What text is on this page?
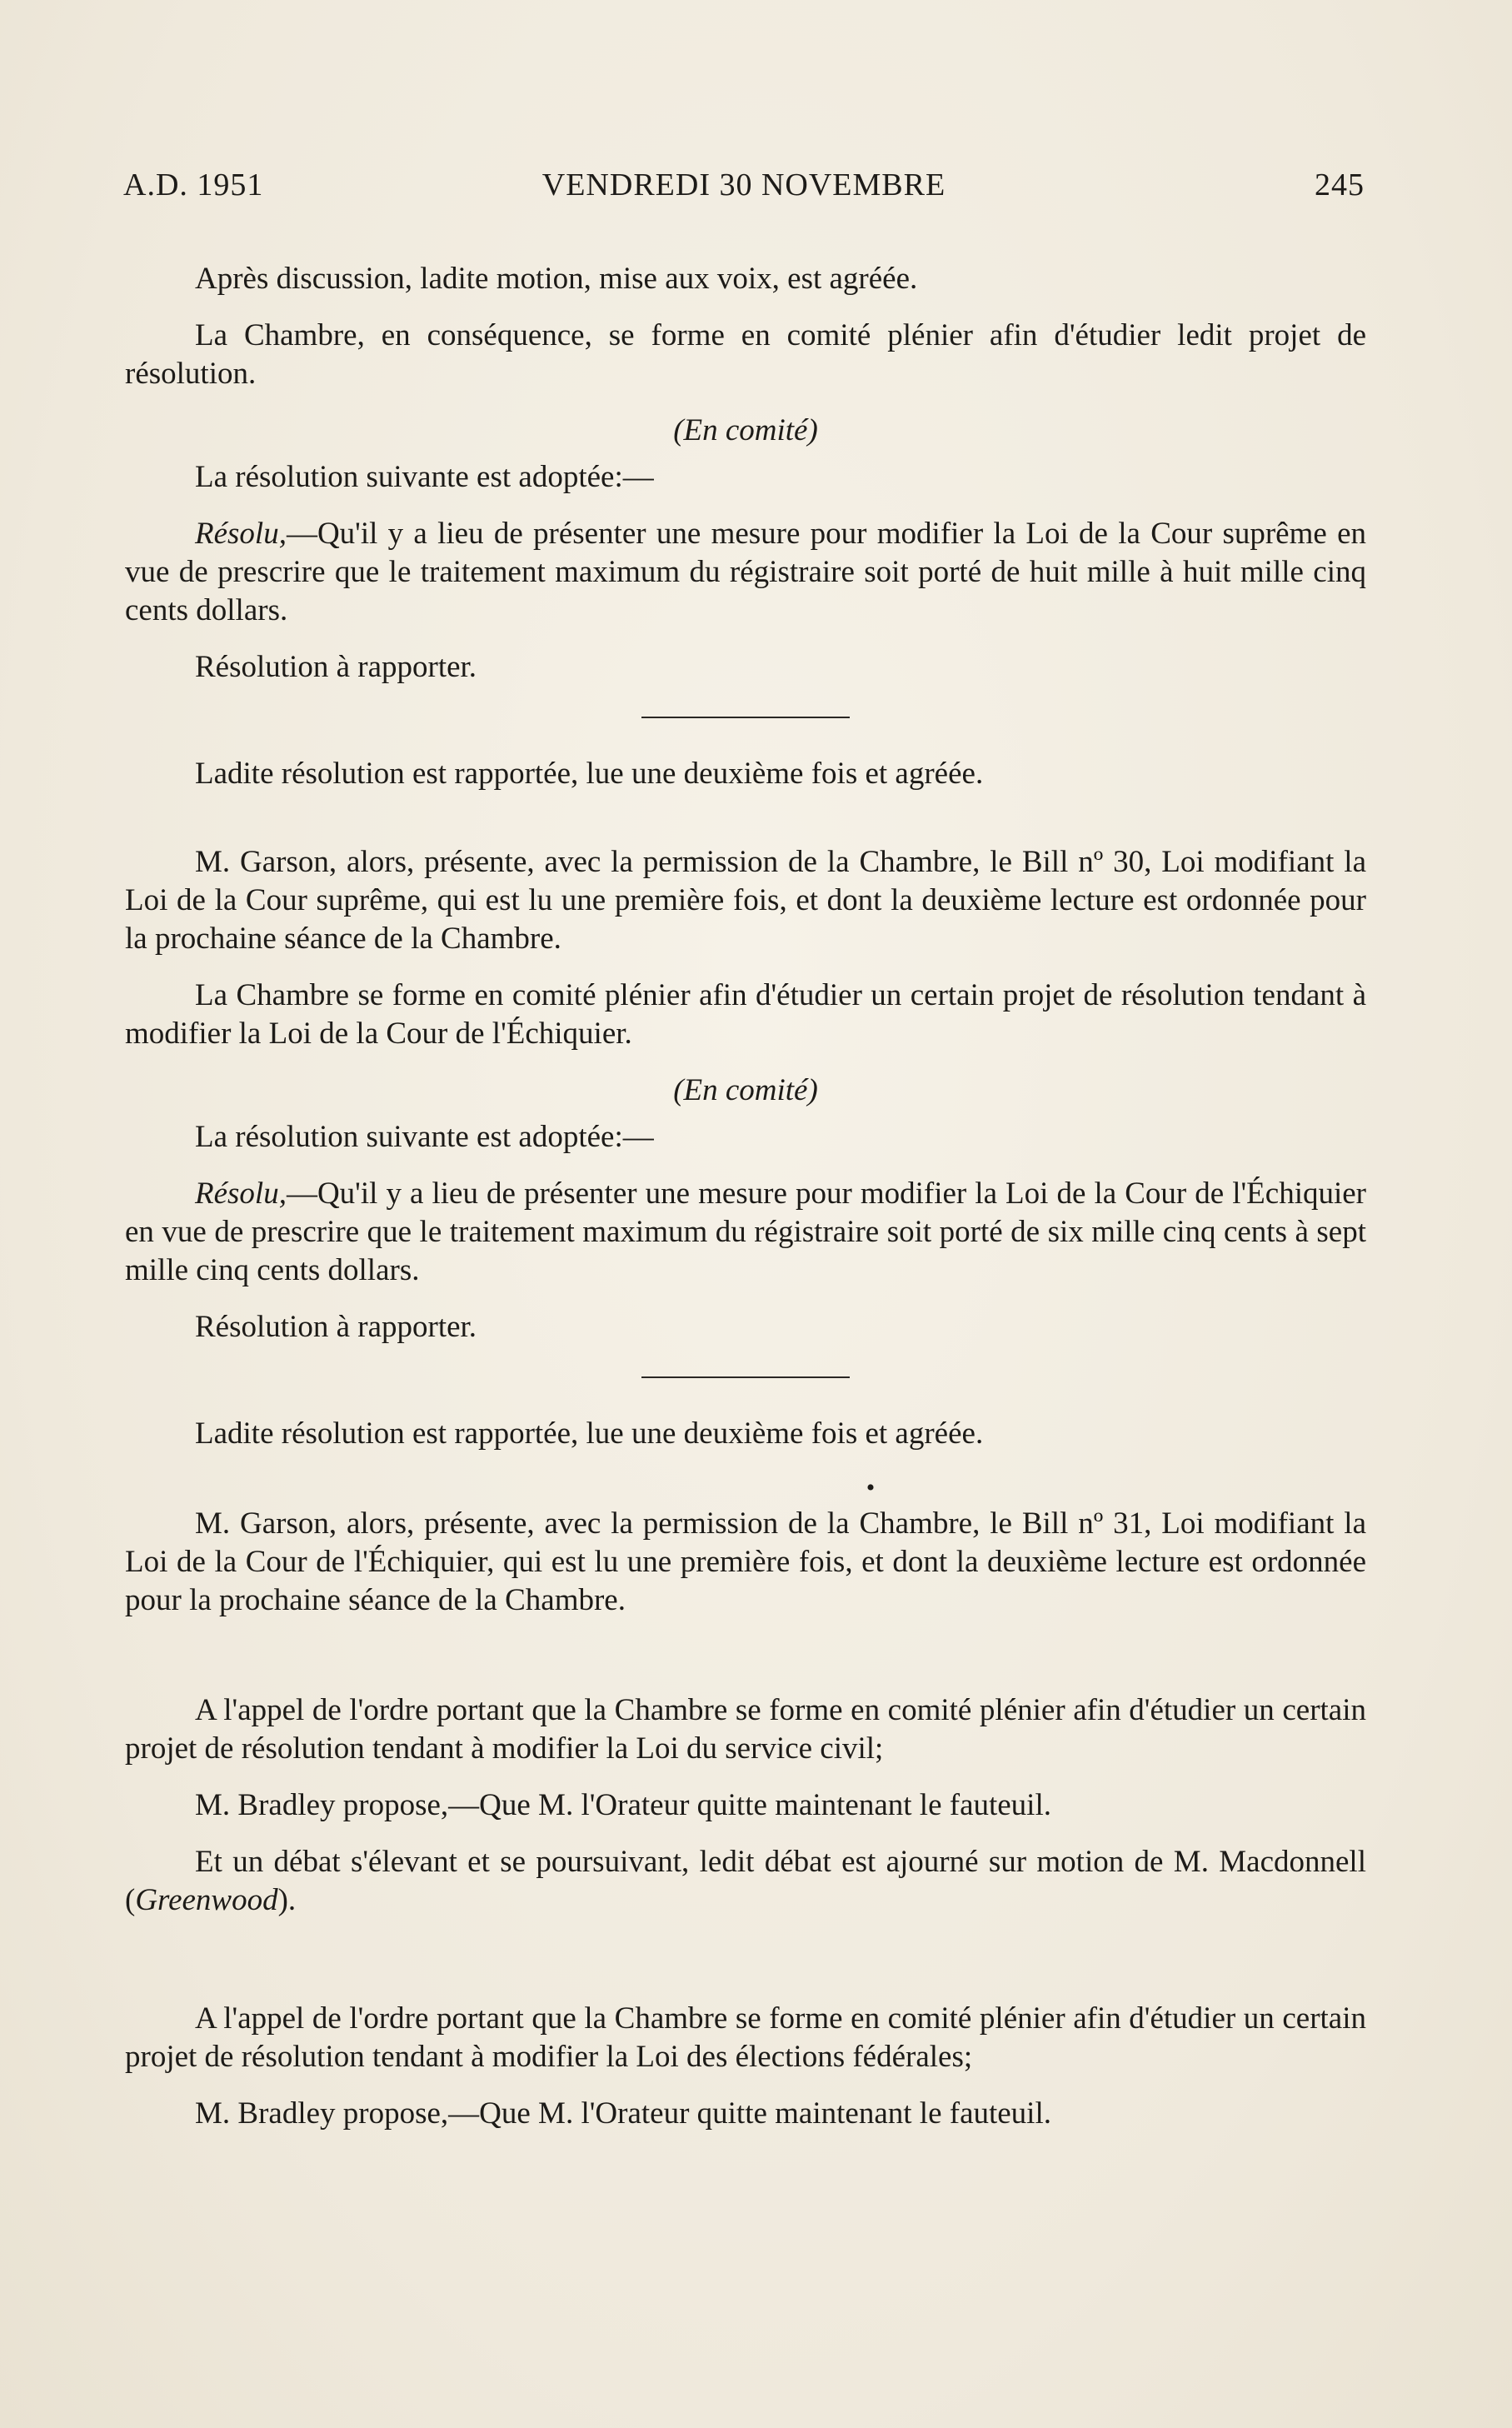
A.D. 1951	VENDREDI 30 NOVEMBRE	245

Après discussion, ladite motion, mise aux voix, est agréée.

La Chambre, en conséquence, se forme en comité plénier afin d'étudier ledit projet de résolution.

(En comité)

La résolution suivante est adoptée:—

Résolu,—Qu'il y a lieu de présenter une mesure pour modifier la Loi de la Cour suprême en vue de prescrire que le traitement maximum du régistraire soit porté de huit mille à huit mille cinq cents dollars.

Résolution à rapporter.

Ladite résolution est rapportée, lue une deuxième fois et agréée.

M. Garson, alors, présente, avec la permission de la Chambre, le Bill nº 30, Loi modifiant la Loi de la Cour suprême, qui est lu une première fois, et dont la deuxième lecture est ordonnée pour la prochaine séance de la Chambre.

La Chambre se forme en comité plénier afin d'étudier un certain projet de résolution tendant à modifier la Loi de la Cour de l'Échiquier.

(En comité)

La résolution suivante est adoptée:—

Résolu,—Qu'il y a lieu de présenter une mesure pour modifier la Loi de la Cour de l'Échiquier en vue de prescrire que le traitement maximum du régistraire soit porté de six mille cinq cents à sept mille cinq cents dollars.

Résolution à rapporter.

Ladite résolution est rapportée, lue une deuxième fois et agréée.

•

M. Garson, alors, présente, avec la permission de la Chambre, le Bill nº 31, Loi modifiant la Loi de la Cour de l'Échiquier, qui est lu une première fois, et dont la deuxième lecture est ordonnée pour la prochaine séance de la Chambre.

A l'appel de l'ordre portant que la Chambre se forme en comité plénier afin d'étudier un certain projet de résolution tendant à modifier la Loi du service civil;

M. Bradley propose,—Que M. l'Orateur quitte maintenant le fauteuil.

Et un débat s'élevant et se poursuivant, ledit débat est ajourné sur motion de M. Macdonnell (Greenwood).

A l'appel de l'ordre portant que la Chambre se forme en comité plénier afin d'étudier un certain projet de résolution tendant à modifier la Loi des élections fédérales;

M. Bradley propose,—Que M. l'Orateur quitte maintenant le fauteuil.
